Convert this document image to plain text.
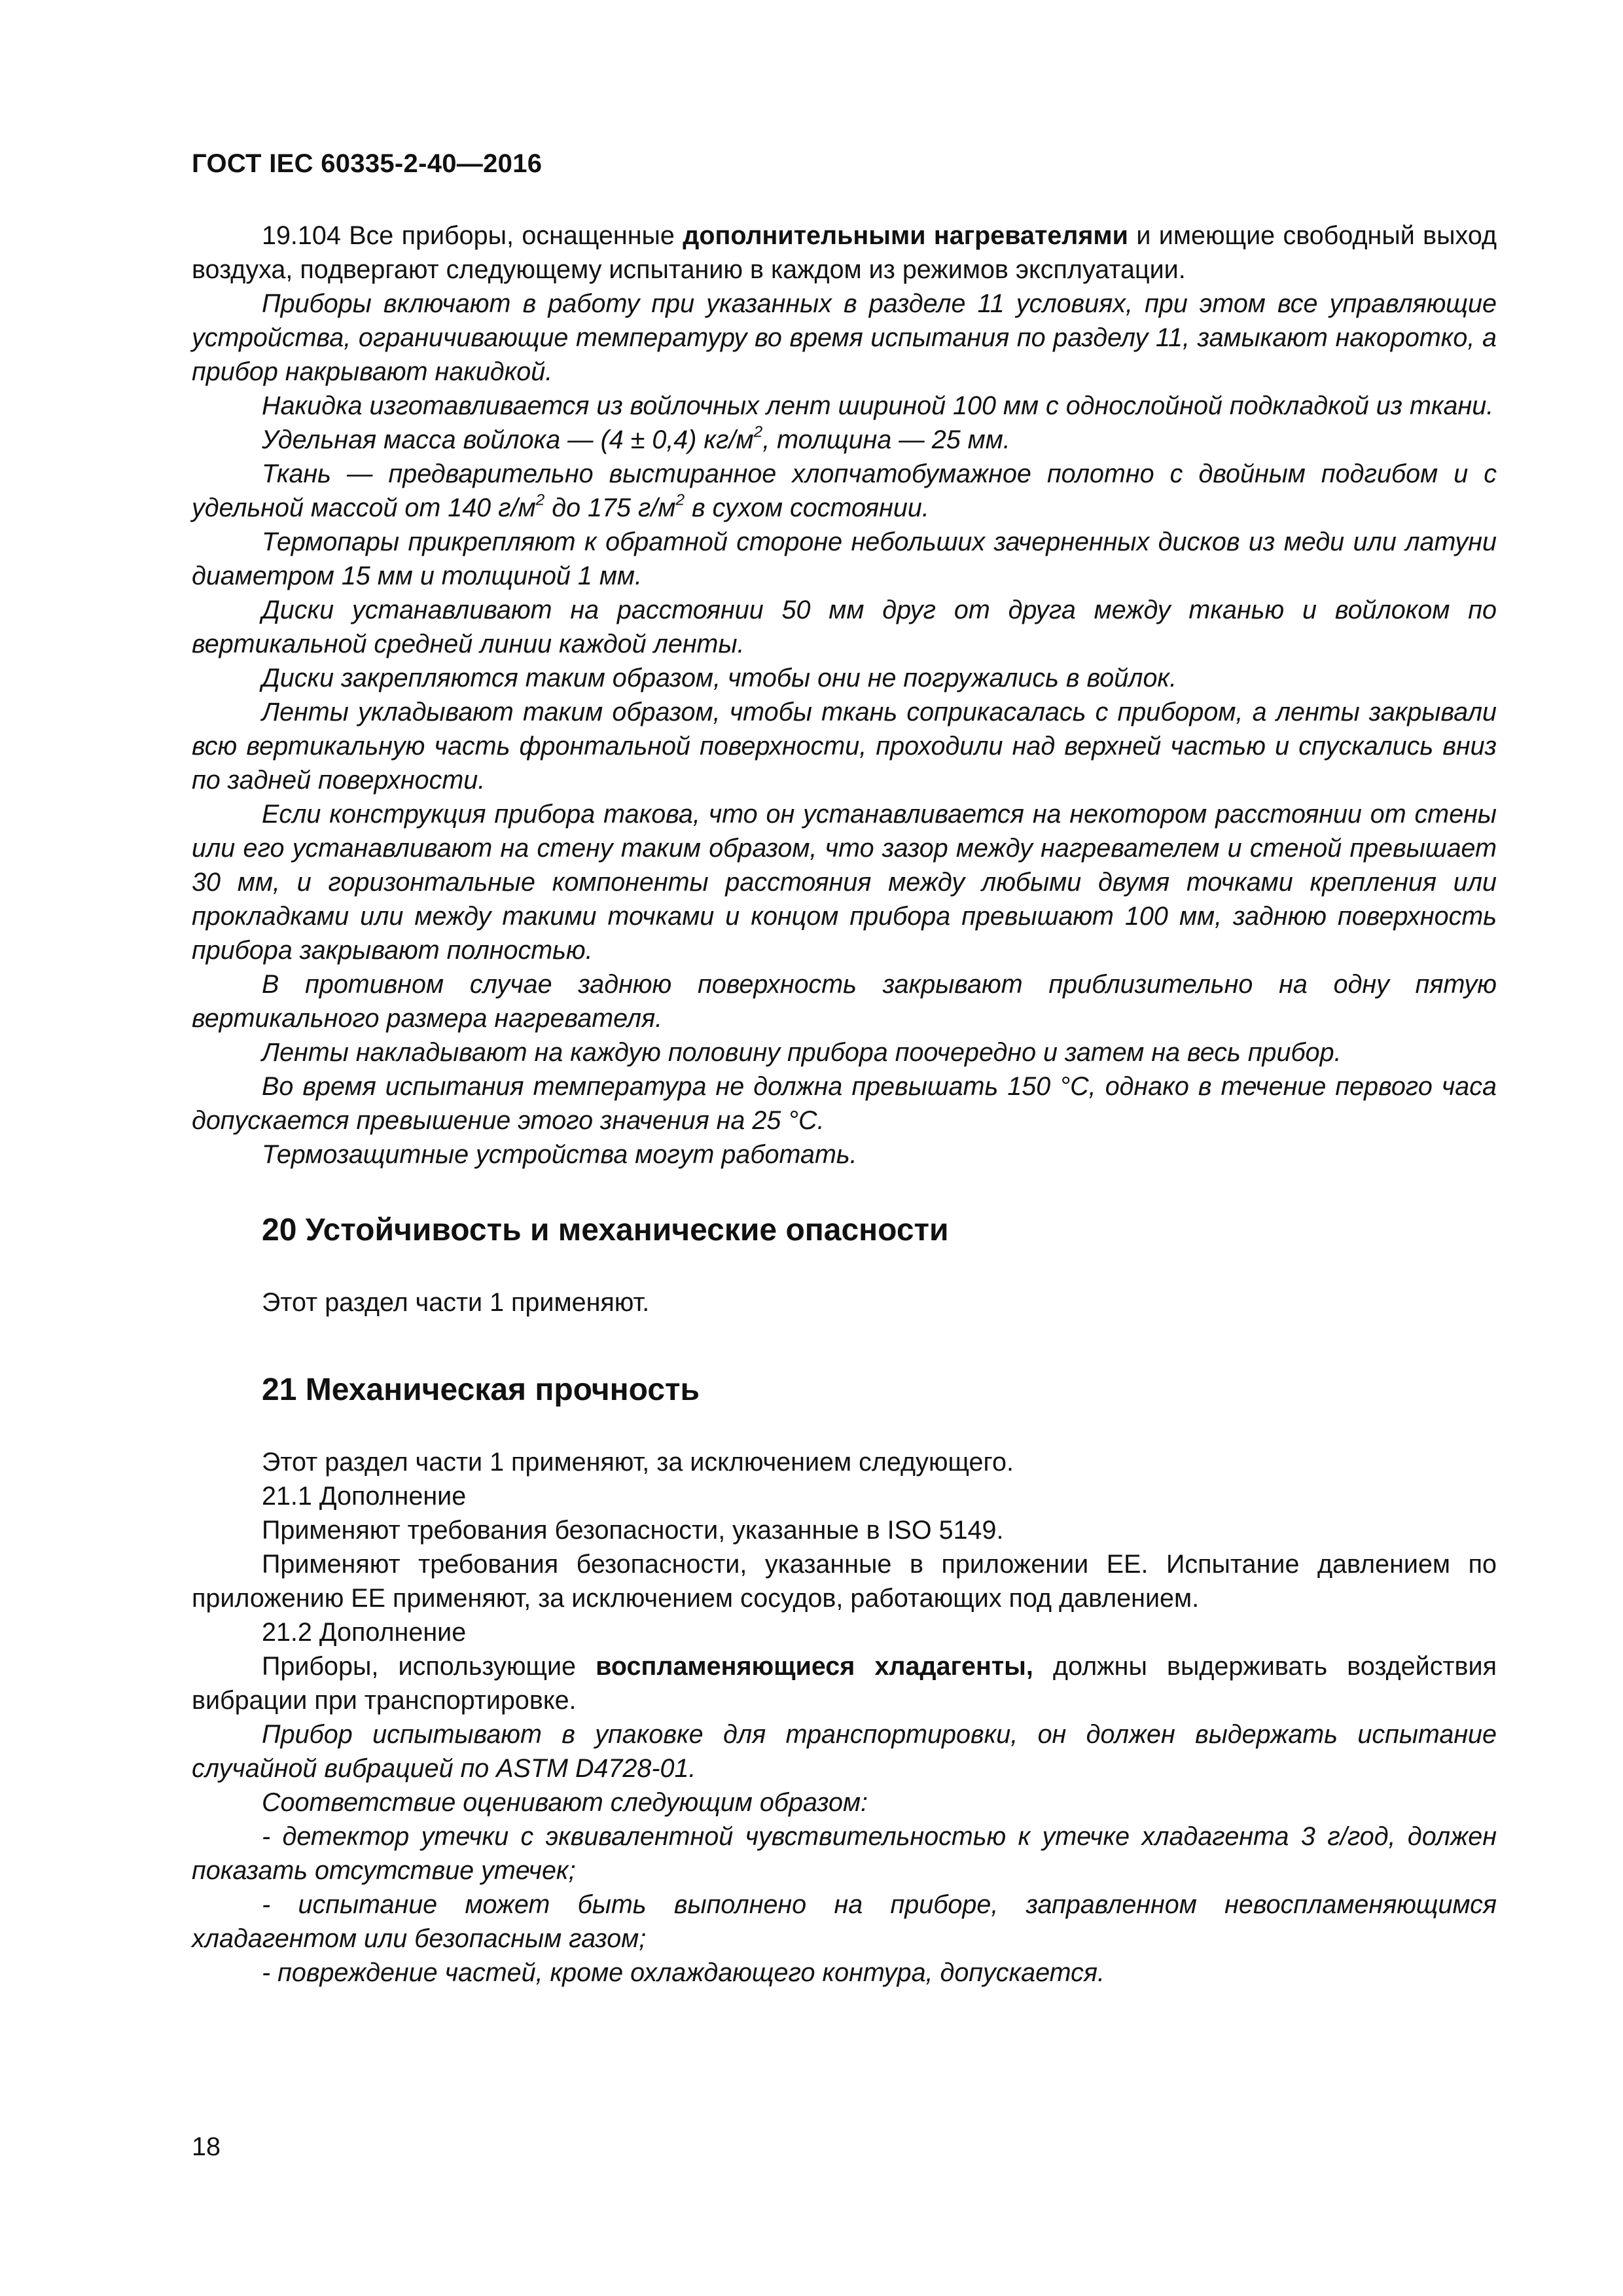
ГОСТ IEC 60335-2-40—2016

19.104 Все приборы, оснащенные дополнительными нагревателями и имеющие свободный выход воздуха, подвергают следующему испытанию в каждом из режимов эксплуатации.

Приборы включают в работу при указанных в разделе 11 условиях, при этом все управляющие устройства, ограничивающие температуру во время испытания по разделу 11, замыкают накоротко, а прибор накрывают накидкой.

Накидка изготавливается из войлочных лент шириной 100 мм с однослойной подкладкой из ткани.

Удельная масса войлока — (4 ± 0,4) $кг/м^2$, толщина — 25 мм.

Ткань — предварительно выстиранное хлопчатобумажное полотно с двойным подгибом и с удельной массой от 140 $г/м^2$ до 175 $г/м^2$ в сухом состоянии.

Термопары прикрепляют к обратной стороне небольших зачерненных дисков из меди или латуни диаметром 15 мм и толщиной 1 мм.

Диски устанавливают на расстоянии 50 мм друг от друга между тканью и войлоком по вертикальной средней линии каждой ленты.

Диски закрепляются таким образом, чтобы они не погружались в войлок.

Ленты укладывают таким образом, чтобы ткань соприкасалась с прибором, а ленты закрывали всю вертикальную часть фронтальной поверхности, проходили над верхней частью и спускались вниз по задней поверхности.

Если конструкция прибора такова, что он устанавливается на некотором расстоянии от стены или его устанавливают на стену таким образом, что зазор между нагревателем и стеной превышает 30 мм, и горизонтальные компоненты расстояния между любыми двумя точками крепления или прокладками или между такими точками и концом прибора превышают 100 мм, заднюю поверхность прибора закрывают полностью.

В противном случае заднюю поверхность закрывают приблизительно на одну пятую вертикального размера нагревателя.

Ленты накладывают на каждую половину прибора поочередно и затем на весь прибор.

Во время испытания температура не должна превышать 150 °C, однако в течение первого часа допускается превышение этого значения на 25 °C.

Термозащитные устройства могут работать.

20 Устойчивость и механические опасности

Этот раздел части 1 применяют.

21 Механическая прочность

Этот раздел части 1 применяют, за исключением следующего.

21.1 Дополнение

Применяют требования безопасности, указанные в ISO 5149.

Применяют требования безопасности, указанные в приложении ЕЕ. Испытание давлением по приложению ЕЕ применяют, за исключением сосудов, работающих под давлением.

21.2 Дополнение

Приборы, использующие воспламеняющиеся хладагенты, должны выдерживать воздействия вибрации при транспортировке.

Прибор испытывают в упаковке для транспортировки, он должен выдержать испытание случайной вибрацией по ASTM D4728-01.

Соответствие оценивают следующим образом:

- детектор утечки с эквивалентной чувствительностью к утечке хладагента 3 г/год, должен показать отсутствие утечек;

- испытание может быть выполнено на приборе, заправленном невоспламеняющимся хладагентом или безопасным газом;

- повреждение частей, кроме охлаждающего контура, допускается.

18
